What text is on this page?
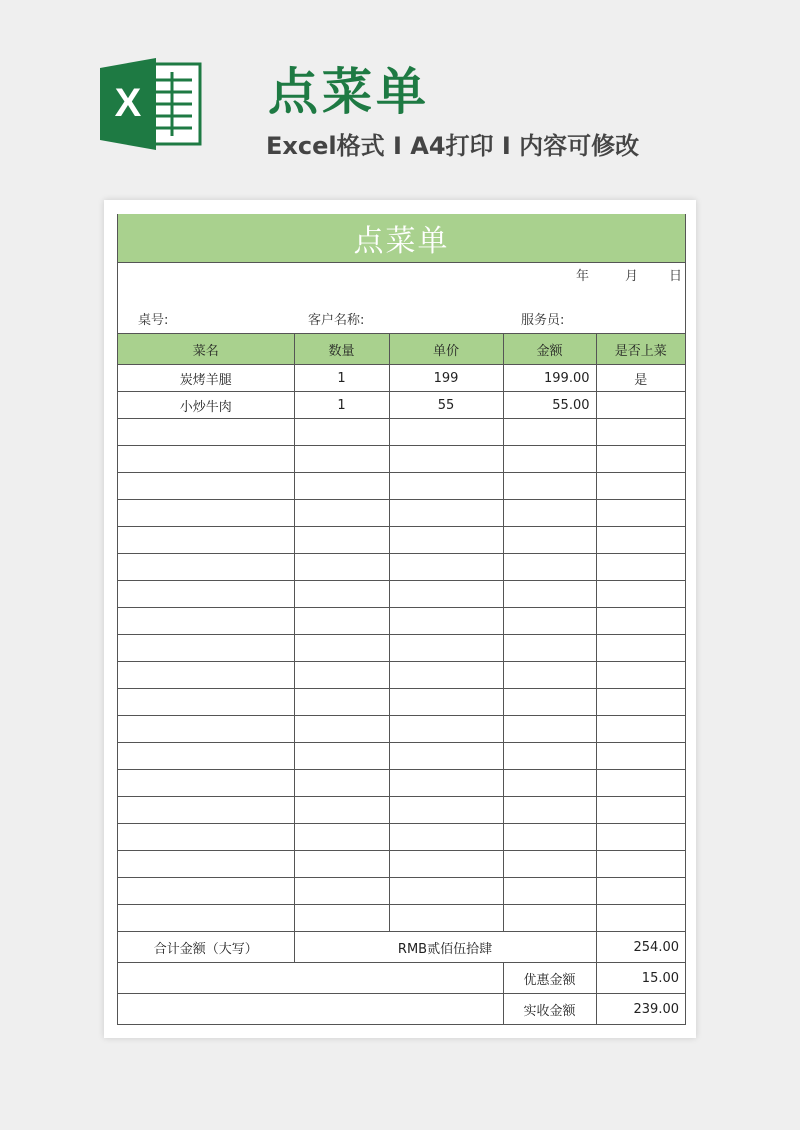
X	点菜单
Excel格式 I A4打印 I 内容可修改
点菜单
年	月 日
桌号:	客户名称:	服务员:
菜名	数量	单价	金额	是否上菜
炭烤羊腿	1	199	199.00	是
小炒牛肉	1	55	55.00	

合计金额（大写）	RMB贰佰伍拾肆		254.00
		优惠金额	15.00
		实收金额	239.00
